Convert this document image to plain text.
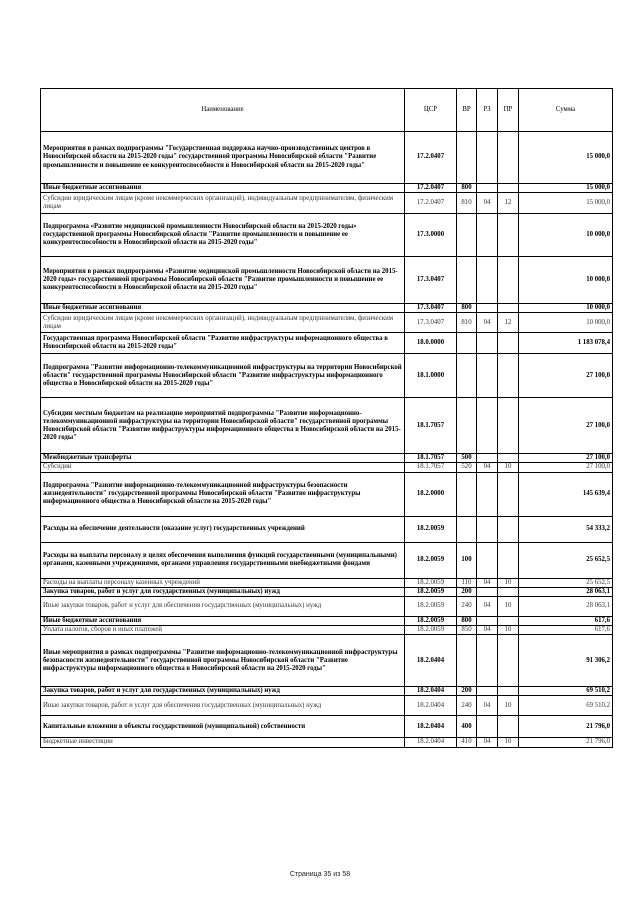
Наименование	ЦСР	ВР	РЗ	ПР	Сумма
Мероприятия в рамках подпрограммы "Государственная поддержка научно-производственных центров в Новосибирской области на 2015-2020 годы" государственной программы Новосибирской области "Развитие промышленности и повышение ее конкурентоспособности в Новосибирской области на 2015-2020 годы"	17.2.0407				15 000,0
Иные бюджетные ассигнования	17.2.0407	800			15 000,0
Субсидии юридическим лицам (кроме некоммерческих организаций), индивидуальным предпринимателям, физическим лицам	17.2.0407	810	04	12	15 000,0
Подпрограмма «Развитие медицинской промышленности Новосибирской области на 2015-2020 годы» государственной программы Новосибирской области "Развитие промышленности и повышение ее конкурентоспособности в Новосибирской области на 2015-2020 годы"	17.3.0000				10 000,0
Мероприятия в рамках подпрограммы «Развитие медицинской промышленности Новосибирской области на 2015-2020 годы» государственной программы Новосибирской области "Развитие промышленности и повышение ее конкурентоспособности в Новосибирской области на 2015-2020 годы"	17.3.0407				10 000,0
Иные бюджетные ассигнования	17.3.0407	800			10 000,0
Субсидии юридическим лицам (кроме некоммерческих организаций), индивидуальным предпринимателям, физическим лицам	17.3.0407	810	04	12	10 000,0
Государственная программа Новосибирской области "Развитие инфраструктуры информационного общества в Новосибирской области на 2015-2020 годы"	18.0.0000				1 183 078,4
Подпрограмма "Развитие информационно-телекоммуникационной инфраструктуры на территории Новосибирской области" государственной программы Новосибирской области "Развитие инфраструктуры информационного общества в Новосибирской области на 2015-2020 годы"	18.1.0000				27 100,0
Субсидии местным бюджетам на реализацию мероприятий подпрограммы "Развитие информационно-телекоммуникационной инфраструктуры на территории Новосибирской области" государственной программы Новосибирской области "Развитие инфраструктуры информационного общества в Новосибирской области на 2015-2020 годы"	18.1.7057				27 100,0
Межбюджетные трансферты	18.1.7057	500			27 100,0
Субсидии	18.1.7057	520	04	10	27 100,0
Подпрограмма "Развитие информационно-телекоммуникационной инфраструктуры безопасности жизнедеятельности" государственной программы Новосибирской области "Развитие инфраструктуры информационного общества в Новосибирской области на 2015-2020 годы"	18.2.0000				145 639,4
Расходы на обеспечение деятельности (оказание услуг) государственных учреждений	18.2.0059				54 333,2
Расходы на выплаты персоналу в целях обеспечения выполнения функций государственными (муниципальными) органами, казенными учреждениями, органами управления государственными внебюджетными фондами	18.2.0059	100			25 652,5
Расходы на выплаты персоналу казенных учреждений	18.2.0059	110	04	10	25 652,5
Закупка товаров, работ и услуг для государственных (муниципальных) нужд	18.2.0059	200			28 063,1
Иные закупки товаров, работ и услуг для обеспечения государственных (муниципальных) нужд	18.2.0059	240	04	10	28 063,1
Иные бюджетные ассигнования	18.2.0059	800			617,6
Уплата налогов, сборов и иных платежей	18.2.0059	850	04	10	617,6
Иные мероприятия в рамках подпрограммы "Развитие информационно-телекоммуникационной инфраструктуры безопасности жизнедеятельности" государственной программы Новосибирской области "Развитие инфраструктуры информационного общества в Новосибирской области на 2015-2020 годы"	18.2.0404				91 306,2
Закупка товаров, работ и услуг для государственных (муниципальных) нужд	18.2.0404	200			69 510,2
Иные закупки товаров, работ и услуг для обеспечения государственных (муниципальных) нужд	18.2.0404	240	04	10	69 510,2
Капитальные вложения в объекты государственной (муниципальной) собственности	18.2.0404	400			21 796,0
Бюджетные инвестиции	18.2.0404	410	04	10	21 796,0
Страница 35 из 58
